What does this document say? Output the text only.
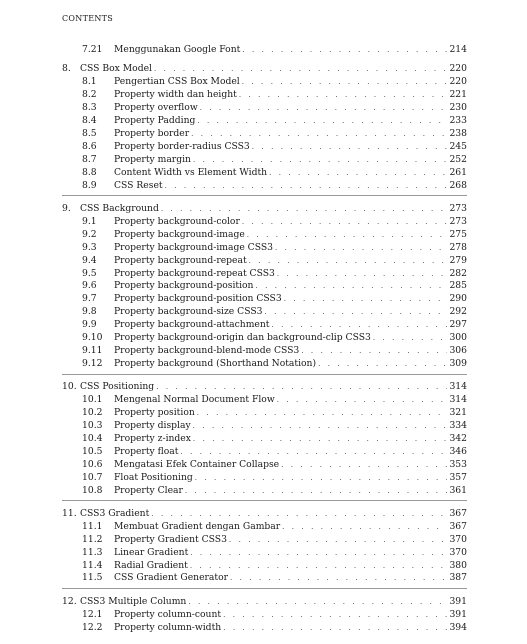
CONTENTS
7.21	Menggunakan Google Font . . .	214
8.	CSS Box Model . . .	220
8.1	Pengertian CSS Box Model . . .	220
8.2	Property width dan height . . .	221
8.3	Property overflow . . .	230
8.4	Property Padding . . .	233
8.5	Property border . . .	238
8.6	Property border-radius CSS3 . . .	245
8.7	Property margin . . .	252
8.8	Content Width vs Element Width . . .	261
8.9	CSS Reset . . .	268
9.	CSS Background . . .	273
9.1	Property background-color . . .	273
9.2	Property background-image . . .	275
9.3	Property background-image CSS3 . . .	278
9.4	Property background-repeat . . .	279
9.5	Property background-repeat CSS3 . . .	282
9.6	Property background-position . . .	285
9.7	Property background-position CSS3 . . .	290
9.8	Property background-size CSS3 . . .	292
9.9	Property background-attachment . . .	297
9.10	Property background-origin dan background-clip CSS3 . . .	300
9.11	Property background-blend-mode CSS3 . . .	306
9.12	Property background (Shorthand Notation) . . .	309
10. CSS Positioning . . .	314
10.1	Mengenal Normal Document Flow . . .	314
10.2	Property position . . .	321
10.3	Property display . . .	334
10.4	Property z-index . . .	342
10.5	Property float . . .	346
10.6	Mengatasi Efek Container Collapse . . .	353
10.7	Float Positioning . . .	357
10.8	Property Clear . . .	361
11. CSS3 Gradient . . .	367
11.1	Membuat Gradient dengan Gambar . . .	367
11.2	Property Gradient CSS3 . . .	370
11.3	Linear Gradient . . .	370
11.4	Radial Gradient . . .	380
11.5	CSS Gradient Generator . . .	387
12. CSS3 Multiple Column . . .	391
12.1	Property column-count . . .	391
12.2	Property column-width . . .	394
